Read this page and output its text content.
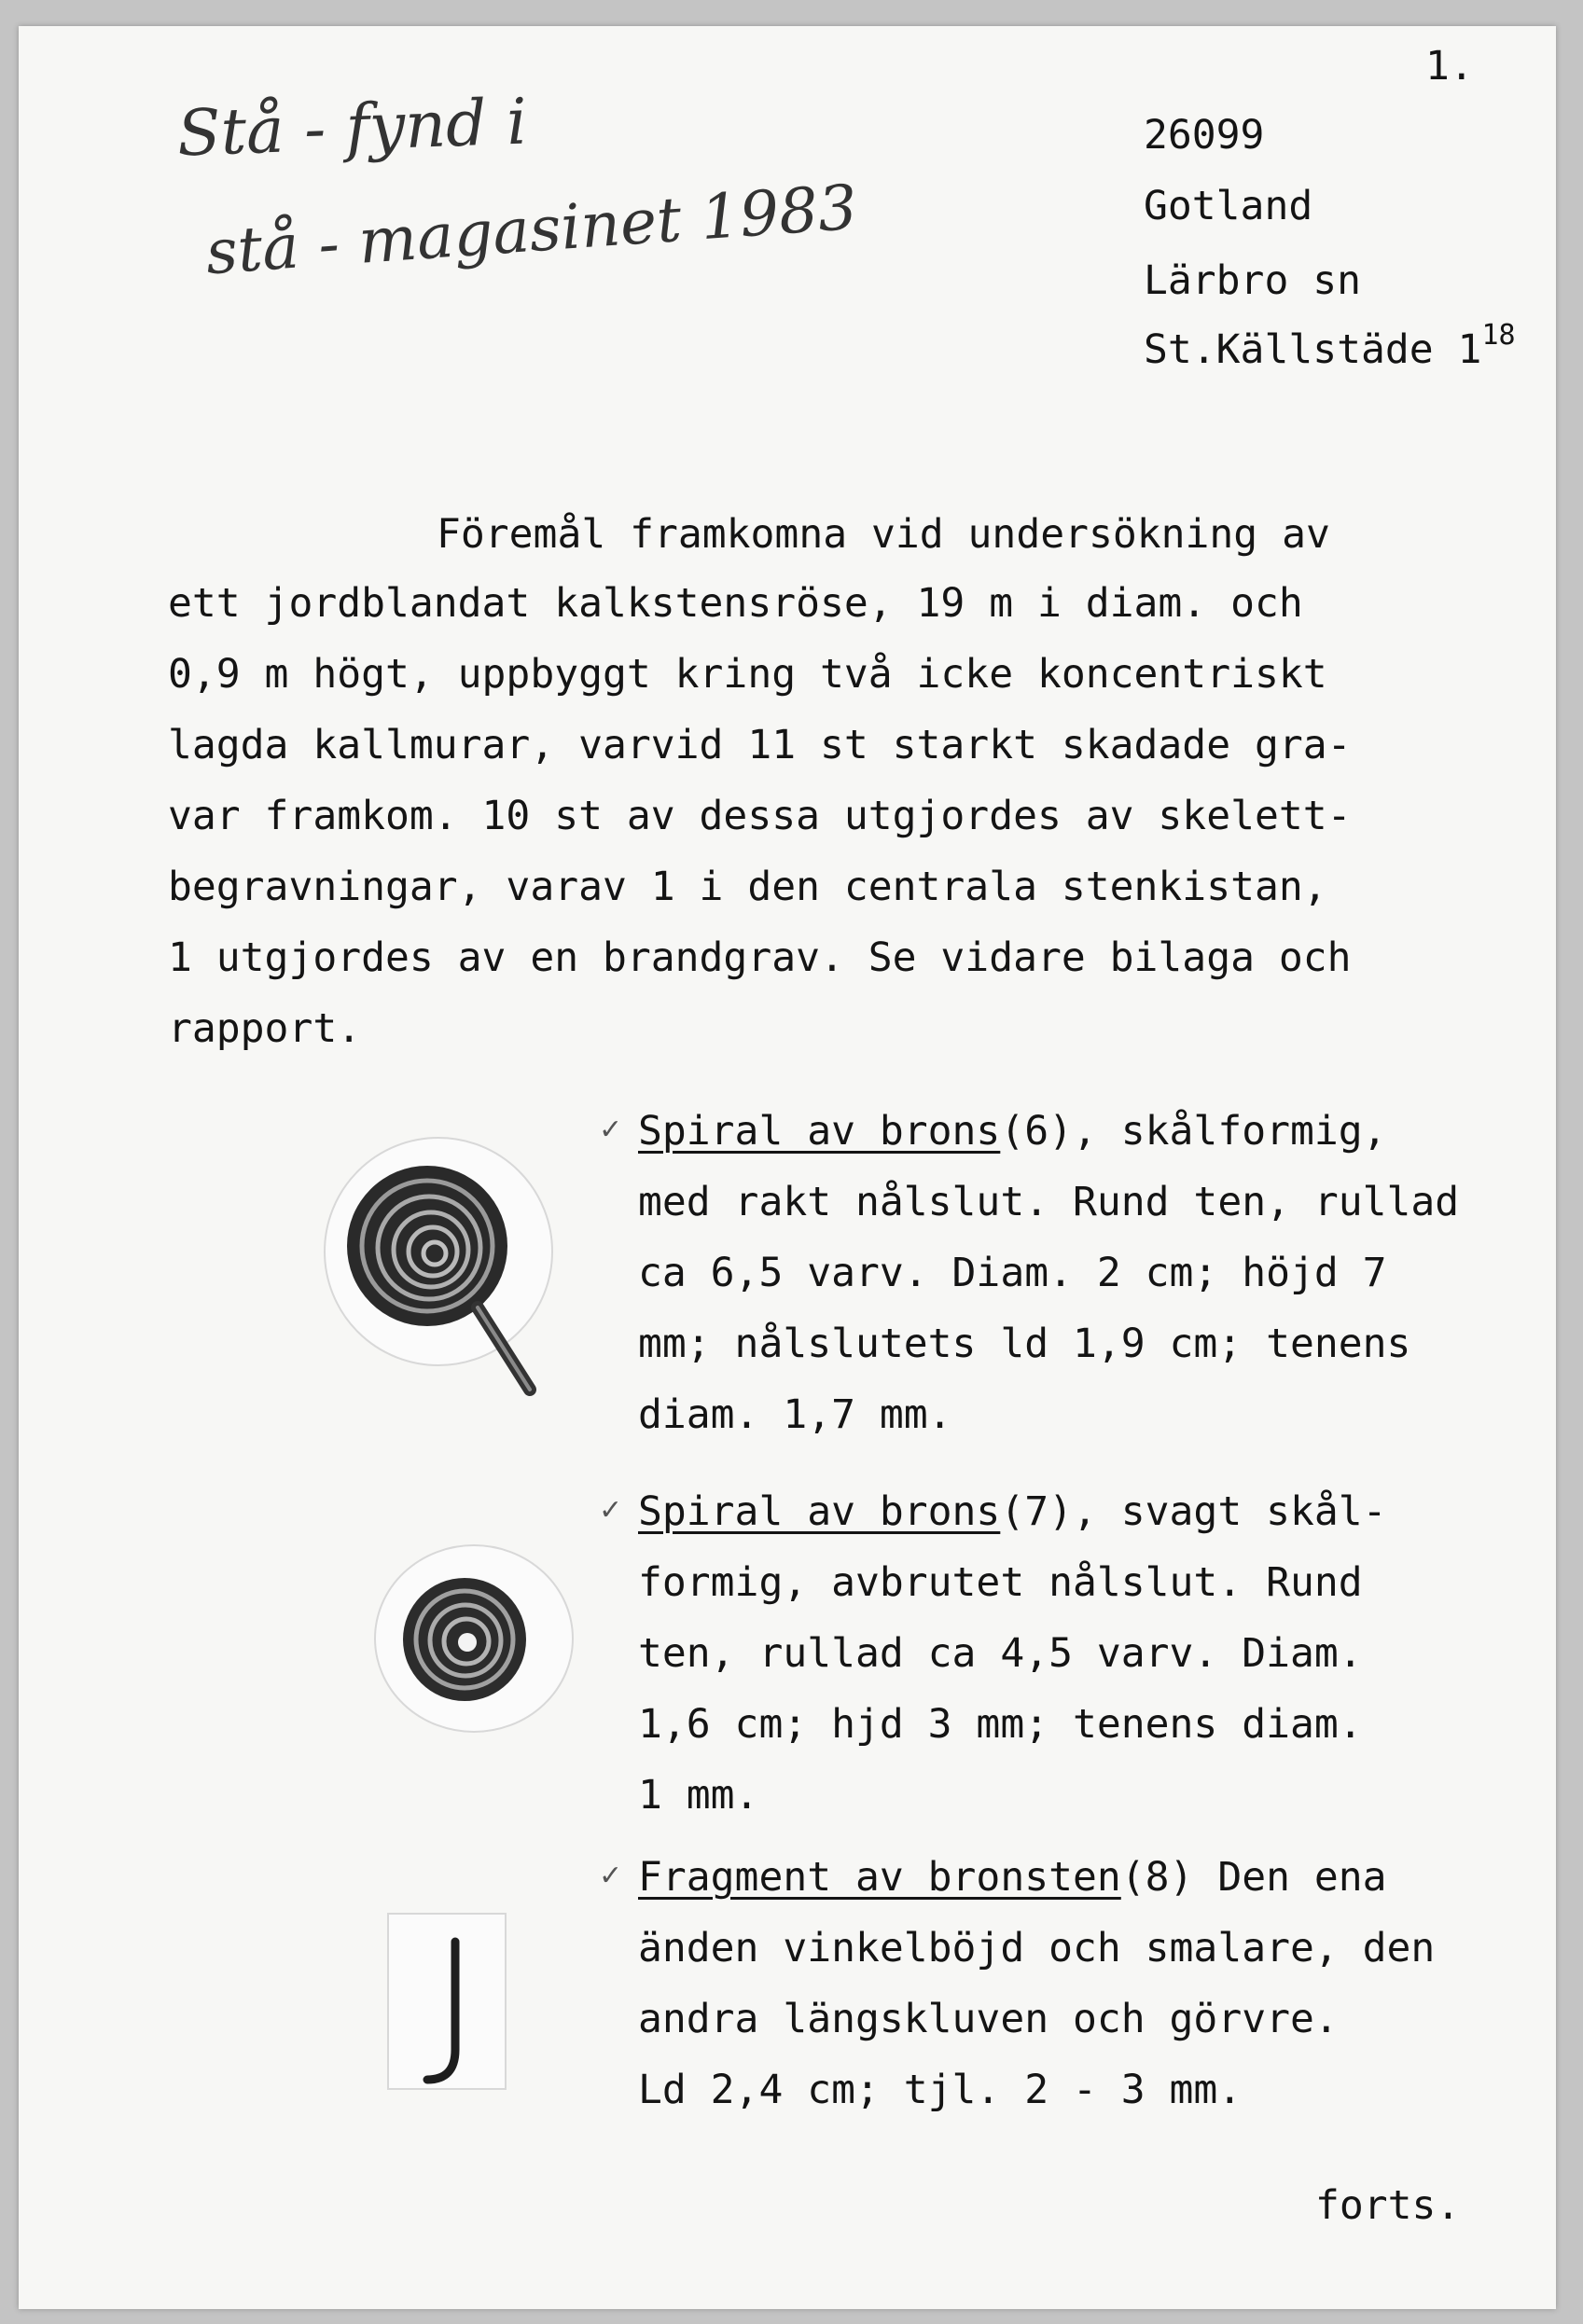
1.
Stå - fynd i
stå - magasinet 1983
26099
Gotland
Lärbro sn
St.Källstäde $1^{18}$
Föremål framkomna vid undersökning av
ett jordblandat kalkstensröse, 19 m i diam. och
0,9 m högt, uppbyggt kring två icke koncentriskt
lagda kallmurar, varvid 11 st starkt skadade gra-
var framkom. 10 st av dessa utgjordes av skelett-
begravningar, varav 1 i den centrala stenkistan,
1 utgjordes av en brandgrav. Se vidare bilaga och
rapport.
✓ Spiral av brons(6), skålformig,
med rakt nålslut. Rund ten, rullad
ca 6,5 varv. Diam. 2 cm; höjd 7
mm; nålslutets ld 1,9 cm; tenens
diam. 1,7 mm.
✓ Spiral av brons(7), svagt skål-
formig, avbrutet nålslut. Rund
ten, rullad ca 4,5 varv. Diam.
1,6 cm; hjd 3 mm; tenens diam.
1 mm.
✓ Fragment av bronsten(8) Den ena
änden vinkelböjd och smalare, den
andra längskluven och görvre.
Ld 2,4 cm; tjl. 2 - 3 mm.
forts.
